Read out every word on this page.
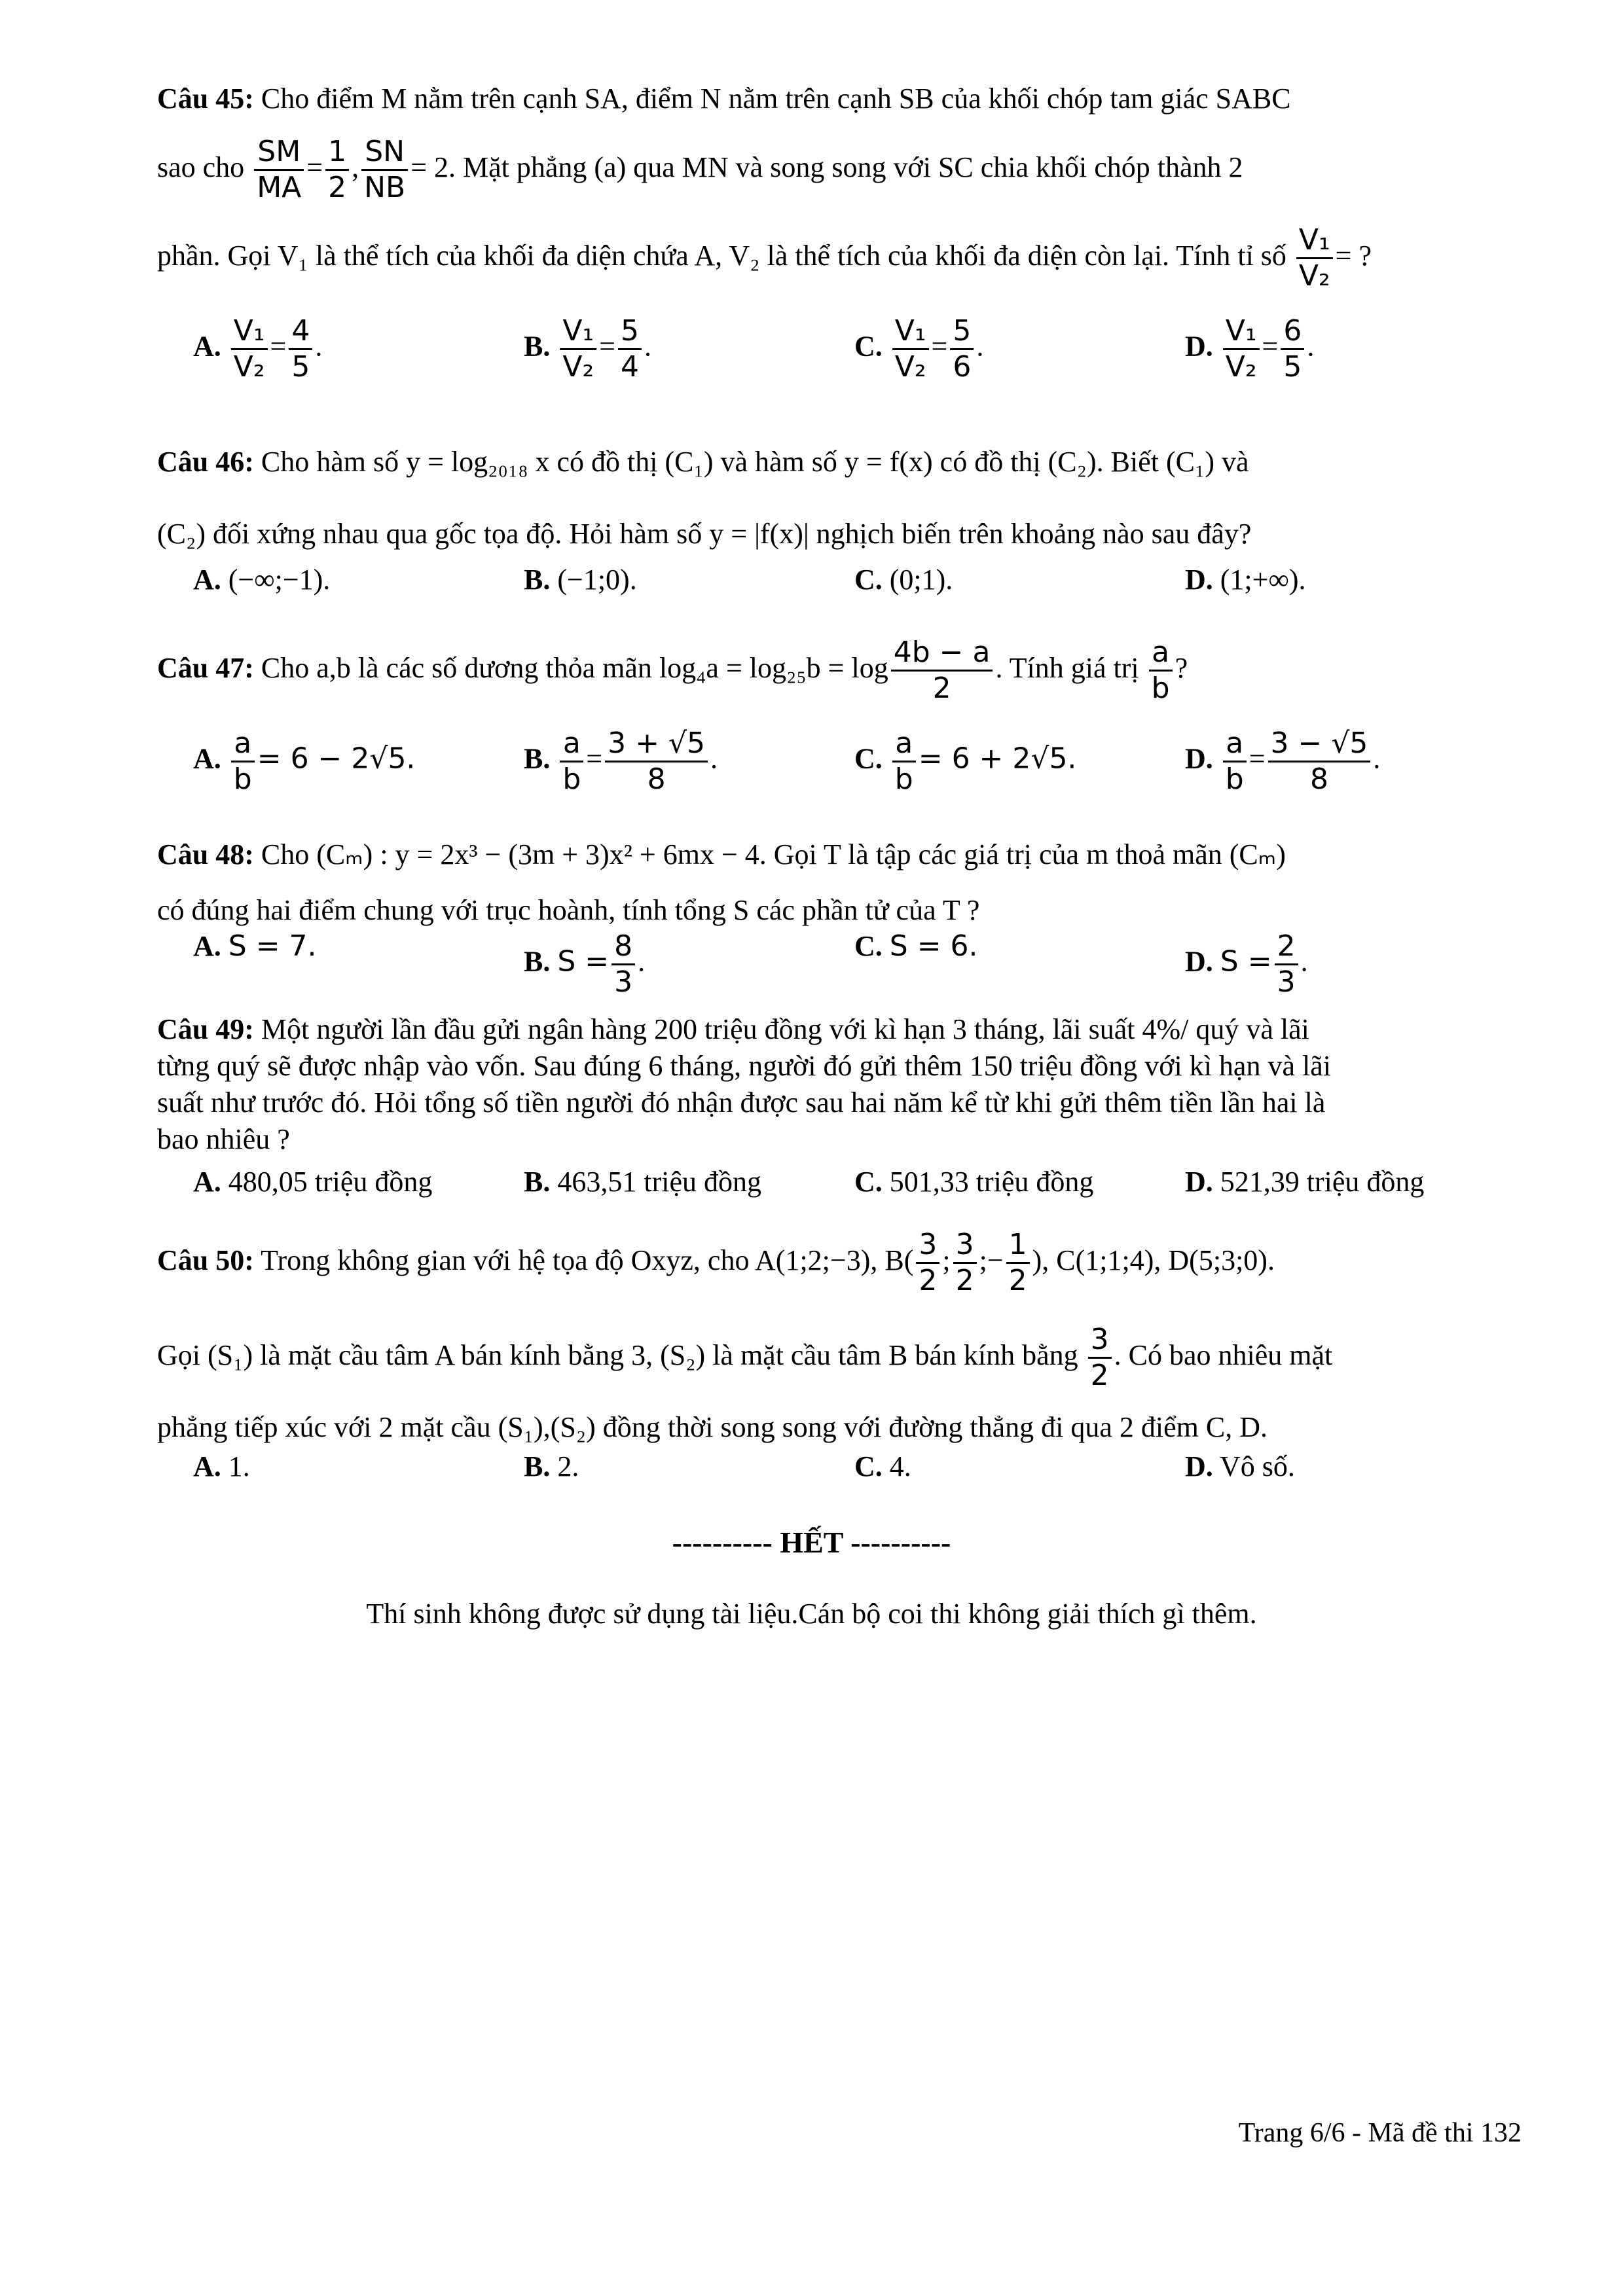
Câu 45: Cho điểm M nằm trên cạnh SA, điểm N nằm trên cạnh SB của khối chóp tam giác SABC
sao cho $\frac{SM}{MA} = \frac{1}{2}$ , $\frac{SN}{NB} = 2$. Mặt phẳng (a) qua MN và song song với SC chia khối chóp thành 2
phần. Gọi V₁ là thể tích của khối đa diện chứa A, V₂ là thể tích của khối đa diện còn lại. Tính tỉ số $\frac{\text{V₁}}{\text{V₂}}$ = ?
A. $\frac{\text{V₁}}{\text{V₂}} = \frac{4}{5}$ .	B. $\frac{\text{V₁}}{\text{V₂}} = \frac{5}{4}$ .	C. $\frac{\text{V₁}}{\text{V₂}} = \frac{5}{6}$ .	D. $\frac{\text{V₁}}{\text{V₂}} = \frac{6}{5}$ .
Câu 46: Cho hàm số y = log₂₀₁₈ x có đồ thị (C₁) và hàm số y = f(x) có đồ thị (C₂). Biết (C₁) và
(C₂) đối xứng nhau qua gốc tọa độ. Hỏi hàm số y = |f(x)| nghịch biến trên khoảng nào sau đây?
A. (−∞;−1).	B. (−1;0).	C. (0;1).	D. (1;+∞).
Câu 47: Cho a,b là các số dương thỏa mãn $\log_4a = \log_{25}b = \log \frac{4b - a}{2}$ . Tính giá trị $\frac{a}{b}$ ?
A. $\frac{a}{b} = 6 - 2√5$.	B. $\frac{a}{b} = \frac{3 + √5}{8}$ .	C. $\frac{a}{b} = 6 + 2√5$.	D. $\frac{a}{b} = \frac{3 - √5}{8}$ .
Câu 48: Cho (Cₘ) : y = 2x³ − (3m + 3)x² + 6mx − 4. Gọi T là tập các giá trị của m thoả mãn (Cₘ)
có đúng hai điểm chung với trục hoành, tính tổng S các phần tử của T ?
A. S = 7.	B. $S = \frac{8}{3}$ .	C. S = 6.	D. $S = \frac{2}{3}$ .
Câu 49: Một người lần đầu gửi ngân hàng 200 triệu đồng với kì hạn 3 tháng, lãi suất 4%/ quý và lãi
từng quý sẽ được nhập vào vốn. Sau đúng 6 tháng, người đó gửi thêm 150 triệu đồng với kì hạn và lãi
suất như trước đó. Hỏi tổng số tiền người đó nhận được sau hai năm kể từ khi gửi thêm tiền lần hai là
bao nhiêu ?
A. 480,05 triệu đồng	B. 463,51 triệu đồng	C. 501,33 triệu đồng	D. 521,39 triệu đồng
Câu 50: Trong không gian với hệ tọa độ Oxyz, cho A(1;2;−3), $B( \frac{3}{2}$ ; $\frac{3}{2}$ ;− $\frac{1}{2}$ ), C(1;1;4), D(5;3;0).
Gọi (S₁) là mặt cầu tâm A bán kính bằng 3, (S₂) là mặt cầu tâm B bán kính bằng $\frac{3}{2}$ . Có bao nhiêu mặt
phẳng tiếp xúc với 2 mặt cầu (S₁),(S₂) đồng thời song song với đường thẳng đi qua 2 điểm C, D.
A. 1.	B. 2.	C. 4.	D. Vô số.
---------- HẾT ----------
Thí sinh không được sử dụng tài liệu.Cán bộ coi thi không giải thích gì thêm.
Trang 6/6 - Mã đề thi 132
